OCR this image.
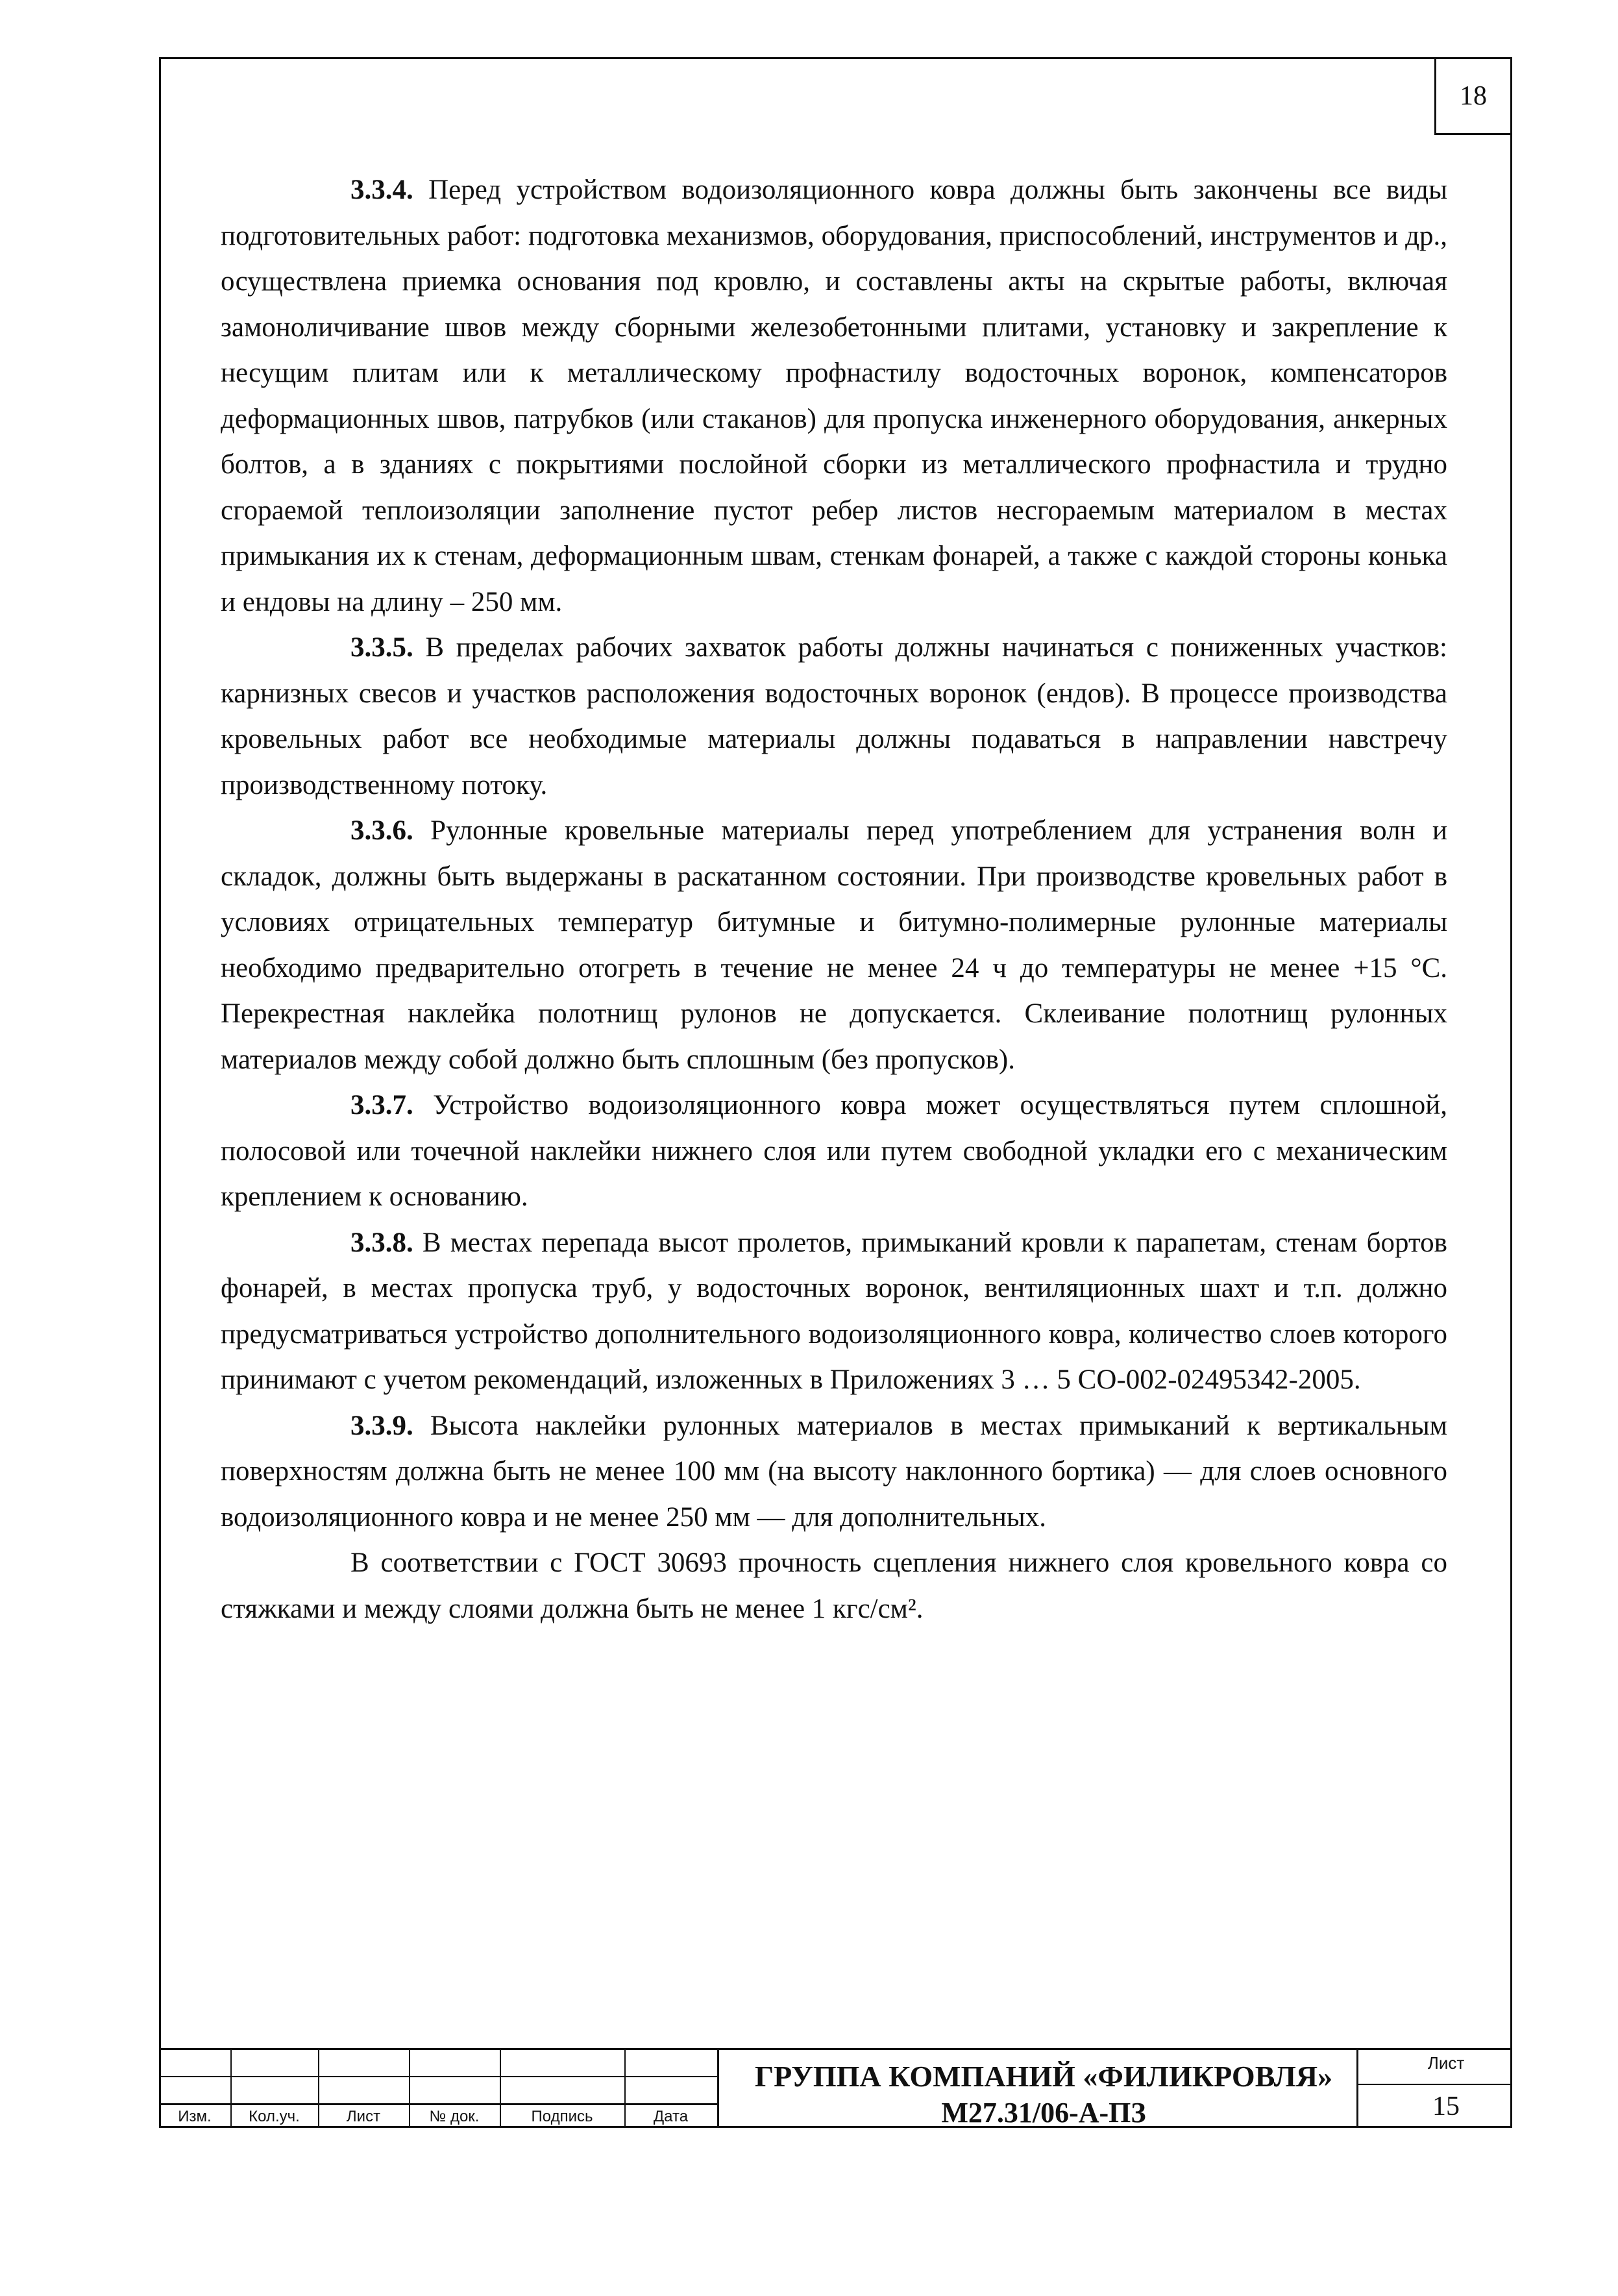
18

3.3.4. Перед устройством водоизоляционного ковра должны быть закончены все виды подготовительных работ: подготовка механизмов, оборудования, приспособлений, инструментов и др., осуществлена приемка основания под кровлю, и составлены акты на скрытые работы, включая замоноличивание швов между сборными железобетонными плитами, установку и закрепление к несущим плитам или к металлическому профнастилу водосточных воронок, компенсаторов деформационных швов, патрубков (или стаканов) для пропуска инженерного оборудования, анкерных болтов, а в зданиях с покрытиями послойной сборки из металлического профнастила и трудно сгораемой теплоизоляции заполнение пустот ребер листов несгораемым материалом в местах примыкания их к стенам, деформационным швам, стенкам фонарей, а также с каждой стороны конька и ендовы на длину – 250 мм.

3.3.5. В пределах рабочих захваток работы должны начинаться с пониженных участков: карнизных свесов и участков расположения водосточных воронок (ендов). В процессе производства кровельных работ все необходимые материалы должны подаваться в направлении навстречу производственному потоку.

3.3.6. Рулонные кровельные материалы перед употреблением для устранения волн и складок, должны быть выдержаны в раскатанном состоянии. При производстве кровельных работ в условиях отрицательных температур битумные и битумно-полимерные рулонные материалы необходимо предварительно отогреть в течение не менее 24 ч до температуры не менее +15 °С. Перекрестная наклейка полотнищ рулонов не допускается. Склеивание полотнищ рулонных материалов между собой должно быть сплошным (без пропусков).

3.3.7. Устройство водоизоляционного ковра может осуществляться путем сплошной, полосовой или точечной наклейки нижнего слоя или путем свободной укладки его с механическим креплением к основанию.

3.3.8. В местах перепада высот пролетов, примыканий кровли к парапетам, стенам бортов фонарей, в местах пропуска труб, у водосточных воронок, вентиляционных шахт и т.п. должно предусматриваться устройство дополнительного водоизоляционного ковра, количество слоев которого принимают с учетом рекомендаций, изложенных в Приложениях 3 … 5 СО-002-02495342-2005.

3.3.9. Высота наклейки рулонных материалов в местах примыканий к вертикальным поверхностям должна быть не менее 100 мм (на высоту наклонного бортика) — для слоев основного водоизоляционного ковра и не менее 250 мм — для дополнительных.

В соответствии с ГОСТ 30693 прочность сцепления нижнего слоя кровельного ковра со стяжками и между слоями должна быть не менее 1 кгс/см².

Изм.	Кол.уч.	Лист	№ док.	Подпись	Дата
ГРУППА КОМПАНИЙ «ФИЛИКРОВЛЯ»
М27.31/06-А-ПЗ
Лист
15
